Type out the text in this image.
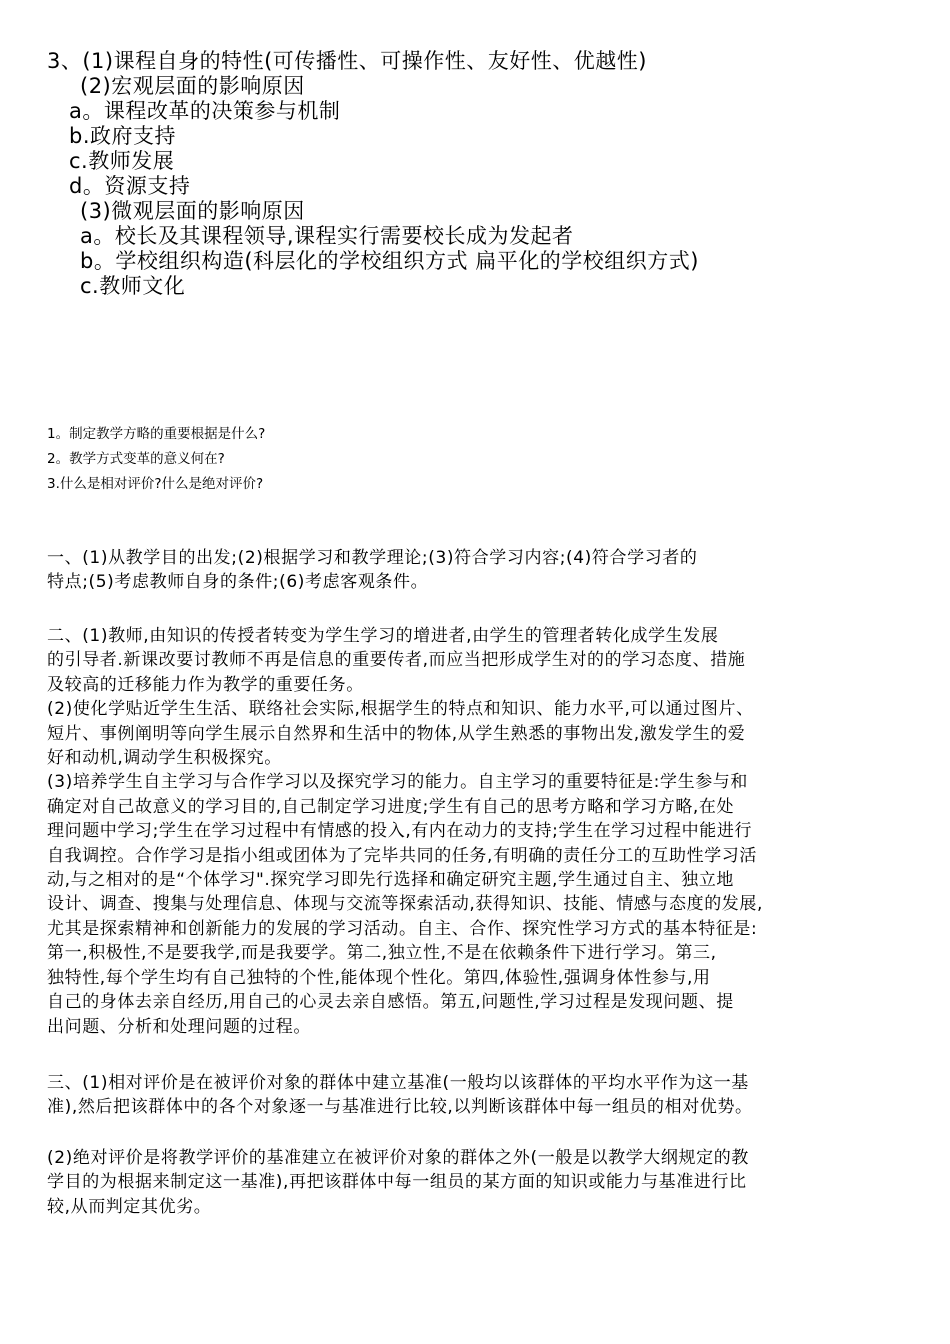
3、(1)课程自身的特性(可传播性、可操作性、友好性、优越性)
(2)宏观层面的影响原因
a。课程改革的决策参与机制
b.政府支持
c.教师发展
d。资源支持
(3)微观层面的影响原因
a。校长及其课程领导,课程实行需要校长成为发起者
b。学校组织构造(科层化的学校组织方式 扁平化的学校组织方式)
c.教师文化
1。制定教学方略的重要根据是什么?
2。教学方式变革的意义何在?
3.什么是相对评价?什么是绝对评价?
一、(1)从教学目的出发;(2)根据学习和教学理论;(3)符合学习内容;(4)符合学习者的
特点;(5)考虑教师自身的条件;(6)考虑客观条件。
二、(1)教师,由知识的传授者转变为学生学习的增进者,由学生的管理者转化成学生发展
的引导者.新课改要讨教师不再是信息的重要传者,而应当把形成学生对的的学习态度、措施
及较高的迁移能力作为教学的重要任务。
(2)使化学贴近学生生活、联络社会实际,根据学生的特点和知识、能力水平,可以通过图片、
短片、事例阐明等向学生展示自然界和生活中的物体,从学生熟悉的事物出发,激发学生的爱
好和动机,调动学生积极探究。
(3)培养学生自主学习与合作学习以及探究学习的能力。自主学习的重要特征是:学生参与和
确定对自己故意义的学习目的,自己制定学习进度;学生有自己的思考方略和学习方略,在处
理问题中学习;学生在学习过程中有情感的投入,有内在动力的支持;学生在学习过程中能进行
自我调控。合作学习是指小组或团体为了完毕共同的任务,有明确的责任分工的互助性学习活
动,与之相对的是“个体学习".探究学习即先行选择和确定研究主题,学生通过自主、独立地
设计、调查、搜集与处理信息、体现与交流等探索活动,获得知识、技能、情感与态度的发展,
尤其是探索精神和创新能力的发展的学习活动。自主、合作、探究性学习方式的基本特征是:
第一,积极性,不是要我学,而是我要学。第二,独立性,不是在依赖条件下进行学习。第三,
独特性,每个学生均有自己独特的个性,能体现个性化。第四,体验性,强调身体性参与,用
自己的身体去亲自经历,用自己的心灵去亲自感悟。第五,问题性,学习过程是发现问题、提
出问题、分析和处理问题的过程。
三、(1)相对评价是在被评价对象的群体中建立基准(一般均以该群体的平均水平作为这一基
准),然后把该群体中的各个对象逐一与基准进行比较,以判断该群体中每一组员的相对优势。
(2)绝对评价是将教学评价的基准建立在被评价对象的群体之外(一般是以教学大纲规定的教
学目的为根据来制定这一基准),再把该群体中每一组员的某方面的知识或能力与基准进行比
较,从而判定其优劣。
